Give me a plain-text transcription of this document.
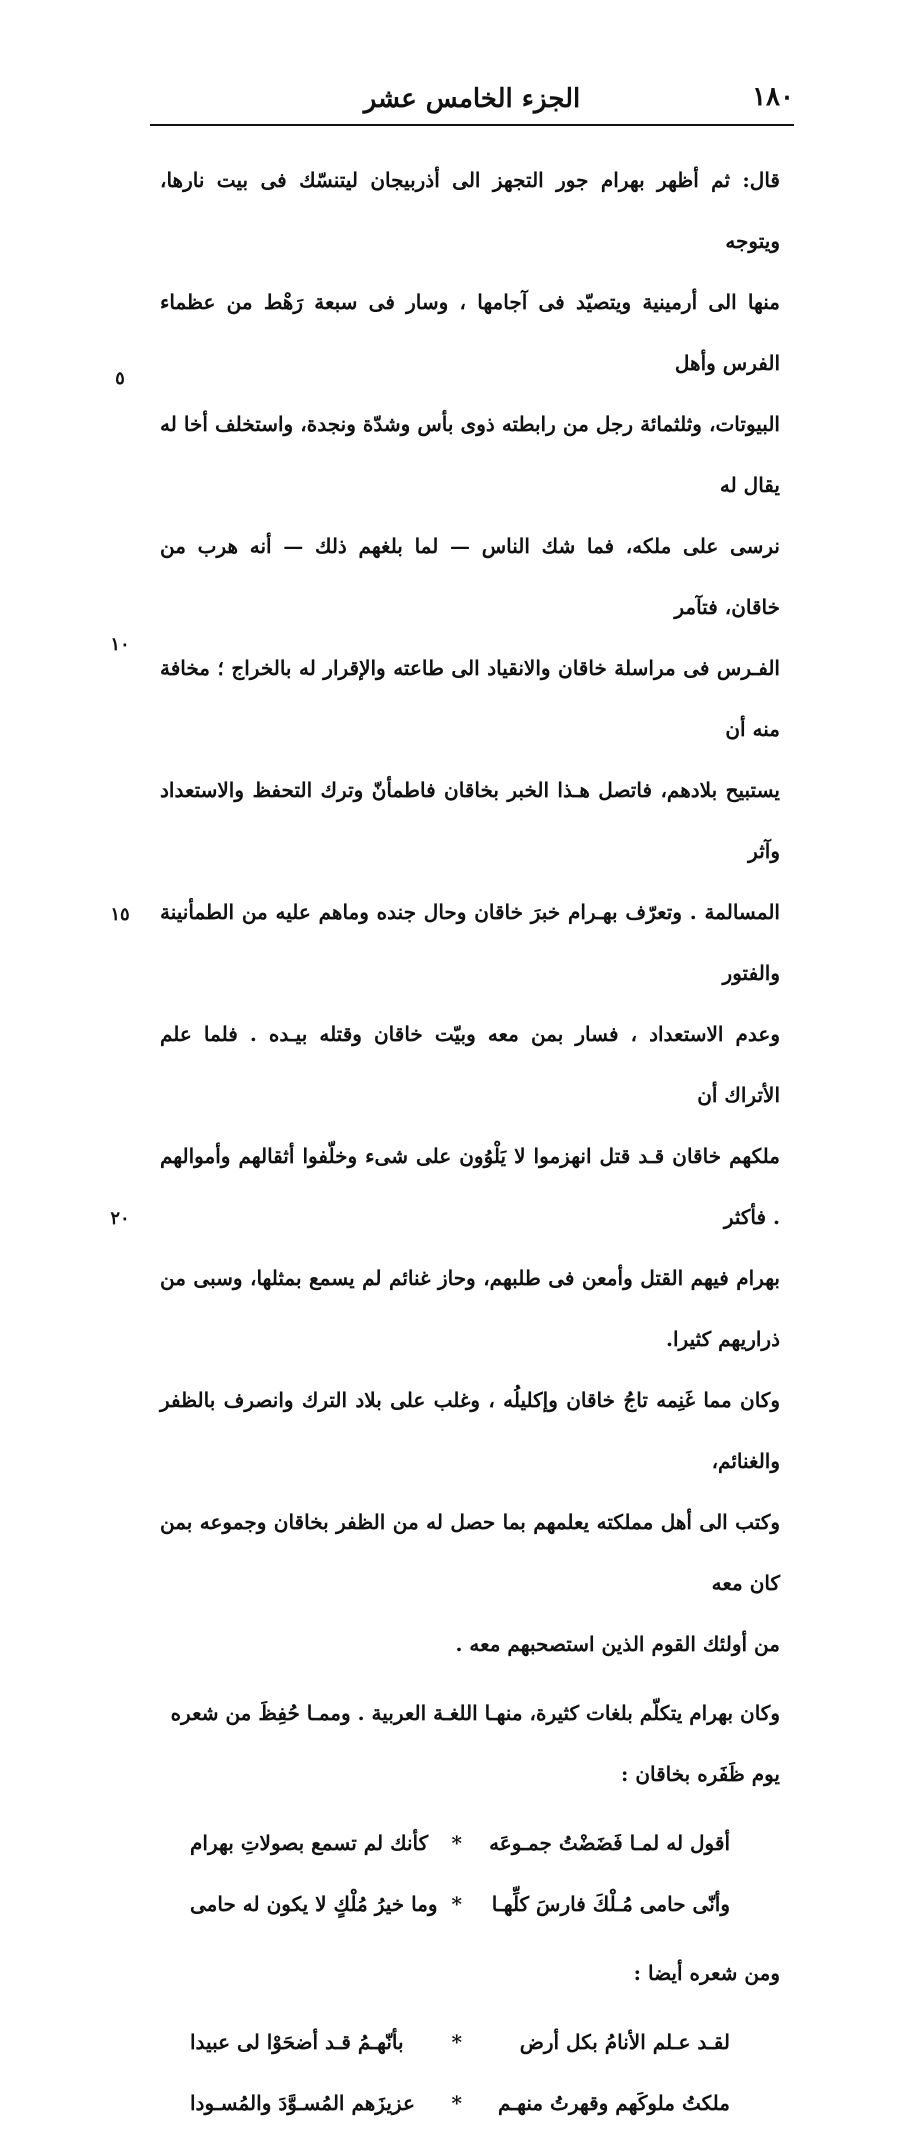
١٨٠
الجزء الخامس عشر
قال: ثم أظهر بهرام جور التجهز الى أذربيجان ليتنسّك فى بيت نارها، ويتوجه
منها الى أرمينية ويتصيّد فى آجامها ، وسار فى سبعة رَهْط من عظماء الفرس وأهل
البيوتات، وثلثمائة رجل من رابطته ذوى بأس وشدّة ونجدة، واستخلف أخا له يقال له
نرسى على ملكه، فما شك الناس — لما بلغهم ذلك — أنه هرب من خاقان، فتآمر
الفـرس فى مراسلة خاقان والانقياد الى طاعته والإقرار له بالخراج ؛ مخافة منه أن
يستبيح بلادهم، فاتصل هـذا الخبر بخاقان فاطمأنّ وترك التحفظ والاستعداد وآثر
المسالمة . وتعرّف بهـرام خبرَ خاقان وحال جنده وماهم عليه من الطمأنينة والفتور
وعدم الاستعداد ، فسار بمن معه وبيّت خاقان وقتله بيـده . فلما علم الأتراك أن
ملكهم خاقان قـد قتل انهزموا لا يَلْوُون على شىء وخلّفوا أثقالهم وأموالهم . فأكثر
بهرام فيهم القتل وأمعن فى طلبهم، وحاز غنائم لم يسمع بمثلها، وسبى من ذراريهم كثيرا.
وكان مما غَنِمه تاجُ خاقان وإكليلُه ، وغلب على بلاد الترك وانصرف بالظفر والغنائم،
وكتب الى أهل مملكته يعلمهم بما حصل له من الظفر بخاقان وجموعه بمن كان معه
من أولئك القوم الذين استصحبهم معه .
وكان بهرام يتكلّم بلغات كثيرة، منهـا اللغـة العربية . وممـا حُفِظَ من شعره
يوم ظَفَره بخاقان :
أقول له لمـا فَضَضْتُ جمـوعَه
*
كأنك لم تسمع بصولاتِ بهرام
وأنّى حامى مُـلْكَ فارسَ كلِّهـا
*
وما خيرُ مُلْكٍ لا يكون له حامى
ومن شعره أيضا :
لقـد عـلم الأنامُ بكل أرض
*
بأنّهـمُ قـد أضحَوْا لى عبيدا
ملكتُ ملوكَهم وقهرتُ منهـم
*
عزيزَهم المُسـوَّدَ والمُسـودا
٥
١٠
١٥
٢٠
